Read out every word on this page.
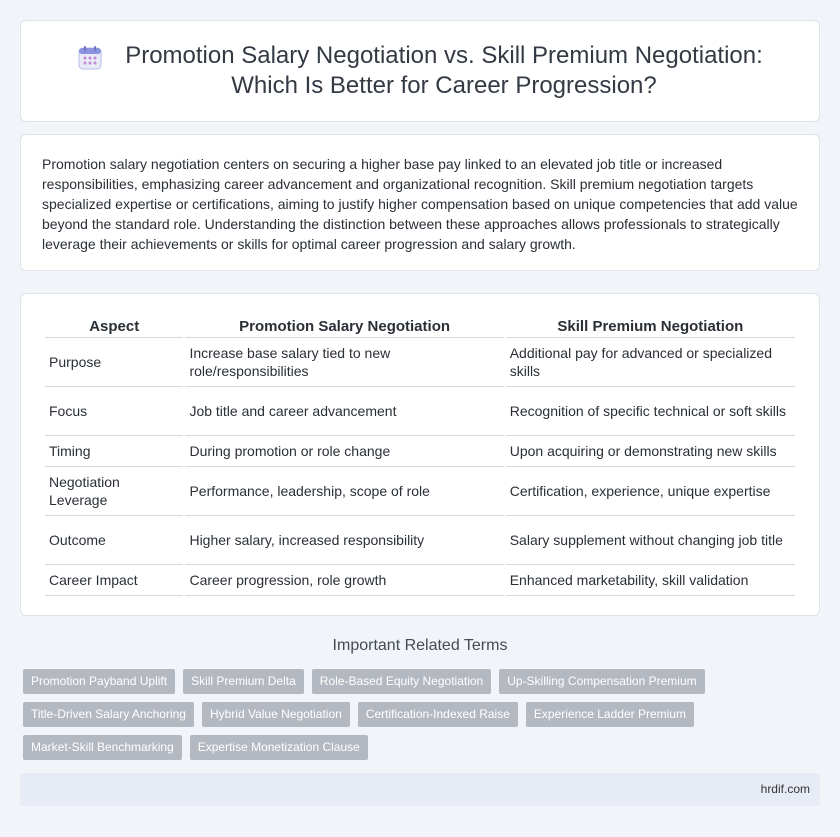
Promotion Salary Negotiation vs. Skill Premium Negotiation:
Which Is Better for Career Progression?

Promotion salary negotiation centers on securing a higher base pay linked to an elevated job title or increased responsibilities, emphasizing career advancement and organizational recognition. Skill premium negotiation targets specialized expertise or certifications, aiming to justify higher compensation based on unique competencies that add value beyond the standard role. Understanding the distinction between these approaches allows professionals to strategically leverage their achievements or skills for optimal career progression and salary growth.

Aspect	Promotion Salary Negotiation	Skill Premium Negotiation
Purpose	Increase base salary tied to new role/responsibilities	Additional pay for advanced or specialized skills
Focus	Job title and career advancement	Recognition of specific technical or soft skills
Timing	During promotion or role change	Upon acquiring or demonstrating new skills
Negotiation Leverage	Performance, leadership, scope of role	Certification, experience, unique expertise
Outcome	Higher salary, increased responsibility	Salary supplement without changing job title
Career Impact	Career progression, role growth	Enhanced marketability, skill validation
Important Related Terms
Promotion Payband Uplift	Skill Premium Delta	Role-Based Equity Negotiation	Up-Skilling Compensation Premium
Title-Driven Salary Anchoring	Hybrid Value Negotiation	Certification-Indexed Raise	Experience Ladder Premium
Market-Skill Benchmarking	Expertise Monetization Clause
hrdif.com
